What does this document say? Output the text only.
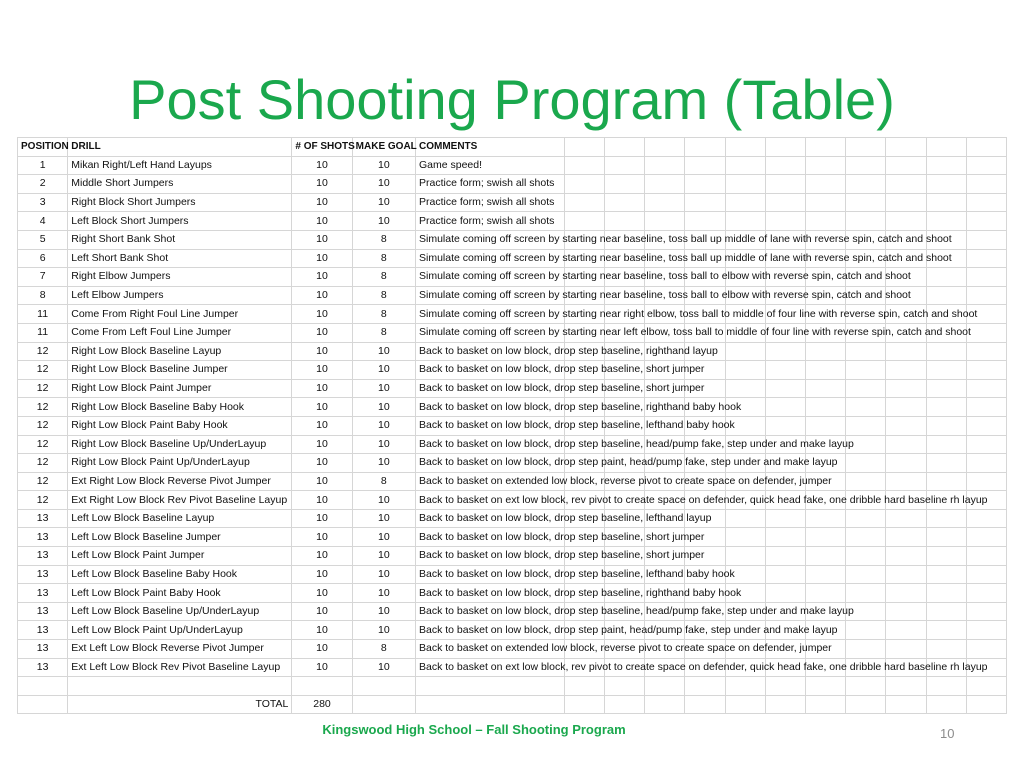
Post Shooting Program (Table)
POSITION	DRILL	# OF SHOTS	MAKE GOAL	COMMENTS											
1	Mikan Right/Left Hand Layups	10	10	Game speed!											
2	Middle Short Jumpers	10	10	Practice form; swish all shots											
3	Right Block Short Jumpers	10	10	Practice form; swish all shots											
4	Left Block Short Jumpers	10	10	Practice form; swish all shots											
5	Right Short Bank Shot	10	8	Simulate coming off screen by starting near baseline, toss ball up middle of lane with reverse spin, catch and shoot											
6	Left Short Bank Shot	10	8	Simulate coming off screen by starting near baseline, toss ball up middle of lane with reverse spin, catch and shoot											
7	Right Elbow Jumpers	10	8	Simulate coming off screen by starting near baseline, toss ball to elbow with reverse spin, catch and shoot											
8	Left Elbow Jumpers	10	8	Simulate coming off screen by starting near baseline, toss ball to elbow with reverse spin, catch and shoot											
11	Come From Right Foul Line Jumper	10	8	Simulate coming off screen by starting near right elbow, toss ball to middle of four line with reverse spin, catch and shoot											
11	Come From Left Foul Line Jumper	10	8	Simulate coming off screen by starting near left elbow, toss ball to middle of four line with reverse spin, catch and shoot											
12	Right Low Block Baseline Layup	10	10	Back to basket on low block, drop step baseline, righthand layup											
12	Right Low Block Baseline Jumper	10	10	Back to basket on low block, drop step baseline, short jumper											
12	Right Low Block Paint Jumper	10	10	Back to basket on low block, drop step baseline, short jumper											
12	Right Low Block Baseline Baby Hook	10	10	Back to basket on low block, drop step baseline, righthand baby hook											
12	Right Low Block Paint Baby Hook	10	10	Back to basket on low block, drop step baseline, lefthand baby hook											
12	Right Low Block Baseline Up/UnderLayup	10	10	Back to basket on low block, drop step baseline, head/pump fake, step under and make layup											
12	Right Low Block Paint Up/UnderLayup	10	10	Back to basket on low block, drop step paint, head/pump fake, step under and make layup											
12	Ext Right Low Block Reverse Pivot Jumper	10	8	Back to basket on extended low block, reverse pivot to create space on defender, jumper											
12	Ext Right Low Block Rev Pivot Baseline Layup	10	10	Back to basket on ext low block, rev pivot to create space on defender, quick head fake, one dribble hard baseline rh layup											
13	Left Low Block Baseline Layup	10	10	Back to basket on low block, drop step baseline, lefthand layup											
13	Left Low Block Baseline Jumper	10	10	Back to basket on low block, drop step baseline, short jumper											
13	Left Low Block Paint Jumper	10	10	Back to basket on low block, drop step baseline, short jumper											
13	Left Low Block Baseline Baby Hook	10	10	Back to basket on low block, drop step baseline, lefthand baby hook											
13	Left Low Block Paint Baby Hook	10	10	Back to basket on low block, drop step baseline, righthand baby hook											
13	Left Low Block Baseline Up/UnderLayup	10	10	Back to basket on low block, drop step baseline, head/pump fake, step under and make layup											
13	Left Low Block Paint Up/UnderLayup	10	10	Back to basket on low block, drop step paint, head/pump fake, step under and make layup											
13	Ext Left Low Block Reverse Pivot Jumper	10	8	Back to basket on extended low block, reverse pivot to create space on defender, jumper											
13	Ext Left Low Block Rev Pivot Baseline Layup	10	10	Back to basket on ext low block, rev pivot to create space on defender, quick head fake, one dribble hard baseline rh layup											

	TOTAL	280													
Kingswood High School – Fall Shooting Program	10
